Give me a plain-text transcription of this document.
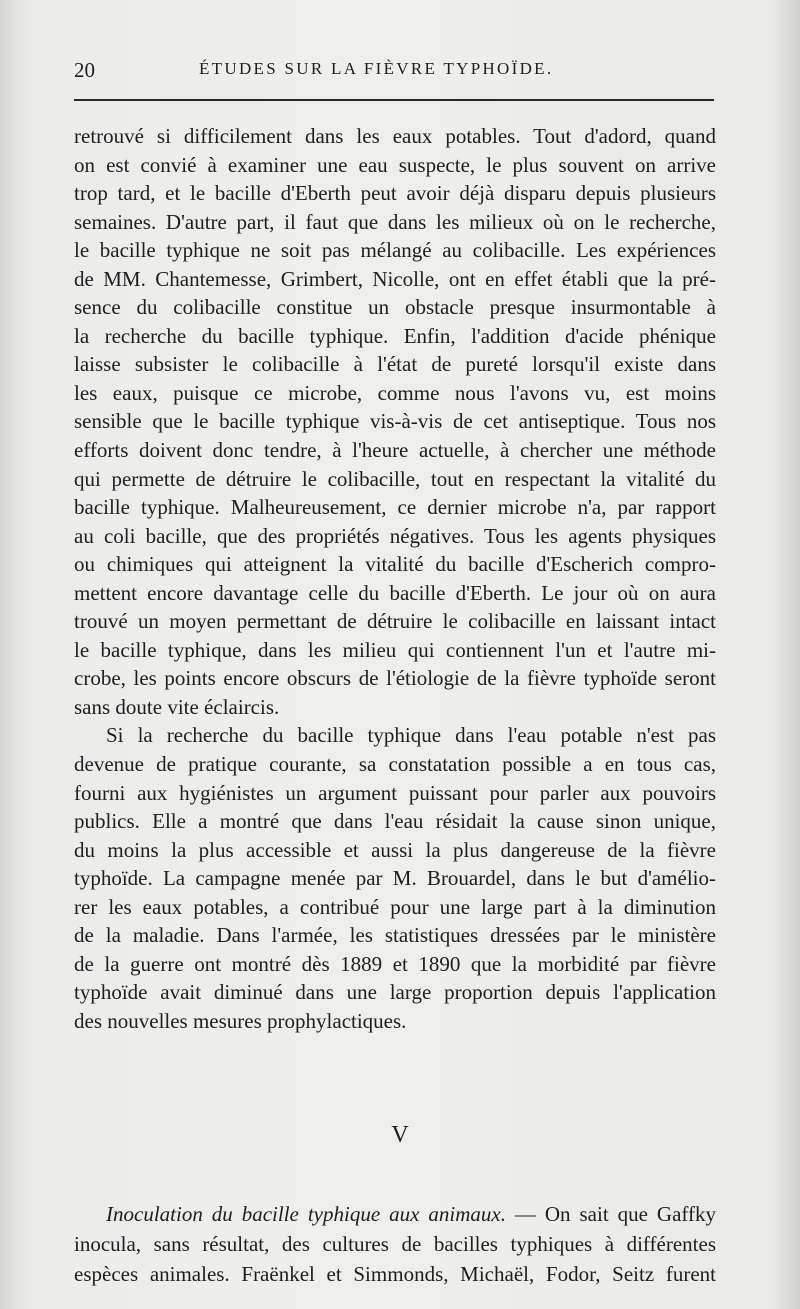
20	ÉTUDES SUR LA FIÈVRE TYPHOÏDE.

retrouvé si difficilement dans les eaux potables. Tout d'adord, quand
on est convié à examiner une eau suspecte, le plus souvent on arrive
trop tard, et le bacille d'Eberth peut avoir déjà disparu depuis plusieurs
semaines. D'autre part, il faut que dans les milieux où on le recherche,
le bacille typhique ne soit pas mélangé au colibacille. Les expériences
de MM. Chantemesse, Grimbert, Nicolle, ont en effet établi que la pré-
sence du colibacille constitue un obstacle presque insurmontable à
la recherche du bacille typhique. Enfin, l'addition d'acide phénique
laisse subsister le colibacille à l'état de pureté lorsqu'il existe dans
les eaux, puisque ce microbe, comme nous l'avons vu, est moins
sensible que le bacille typhique vis-à-vis de cet antiseptique. Tous nos
efforts doivent donc tendre, à l'heure actuelle, à chercher une méthode
qui permette de détruire le colibacille, tout en respectant la vitalité du
bacille typhique. Malheureusement, ce dernier microbe n'a, par rapport
au coli bacille, que des propriétés négatives. Tous les agents physiques
ou chimiques qui atteignent la vitalité du bacille d'Escherich compro-
mettent encore davantage celle du bacille d'Eberth. Le jour où on aura
trouvé un moyen permettant de détruire le colibacille en laissant intact
le bacille typhique, dans les milieu qui contiennent l'un et l'autre mi-
crobe, les points encore obscurs de l'étiologie de la fièvre typhoïde seront
sans doute vite éclaircis.

Si la recherche du bacille typhique dans l'eau potable n'est pas
devenue de pratique courante, sa constatation possible a en tous cas,
fourni aux hygiénistes un argument puissant pour parler aux pouvoirs
publics. Elle a montré que dans l'eau résidait la cause sinon unique,
du moins la plus accessible et aussi la plus dangereuse de la fièvre
typhoïde. La campagne menée par M. Brouardel, dans le but d'amélio-
rer les eaux potables, a contribué pour une large part à la diminution
de la maladie. Dans l'armée, les statistiques dressées par le ministère
de la guerre ont montré dès 1889 et 1890 que la morbidité par fièvre
typhoïde avait diminué dans une large proportion depuis l'application
des nouvelles mesures prophylactiques.

V
Inoculation du bacille typhique aux animaux. — On sait que Gaffky
inocula, sans résultat, des cultures de bacilles typhiques à différentes
espèces animales. Fraënkel et Simmonds, Michaël, Fodor, Seitz furent
